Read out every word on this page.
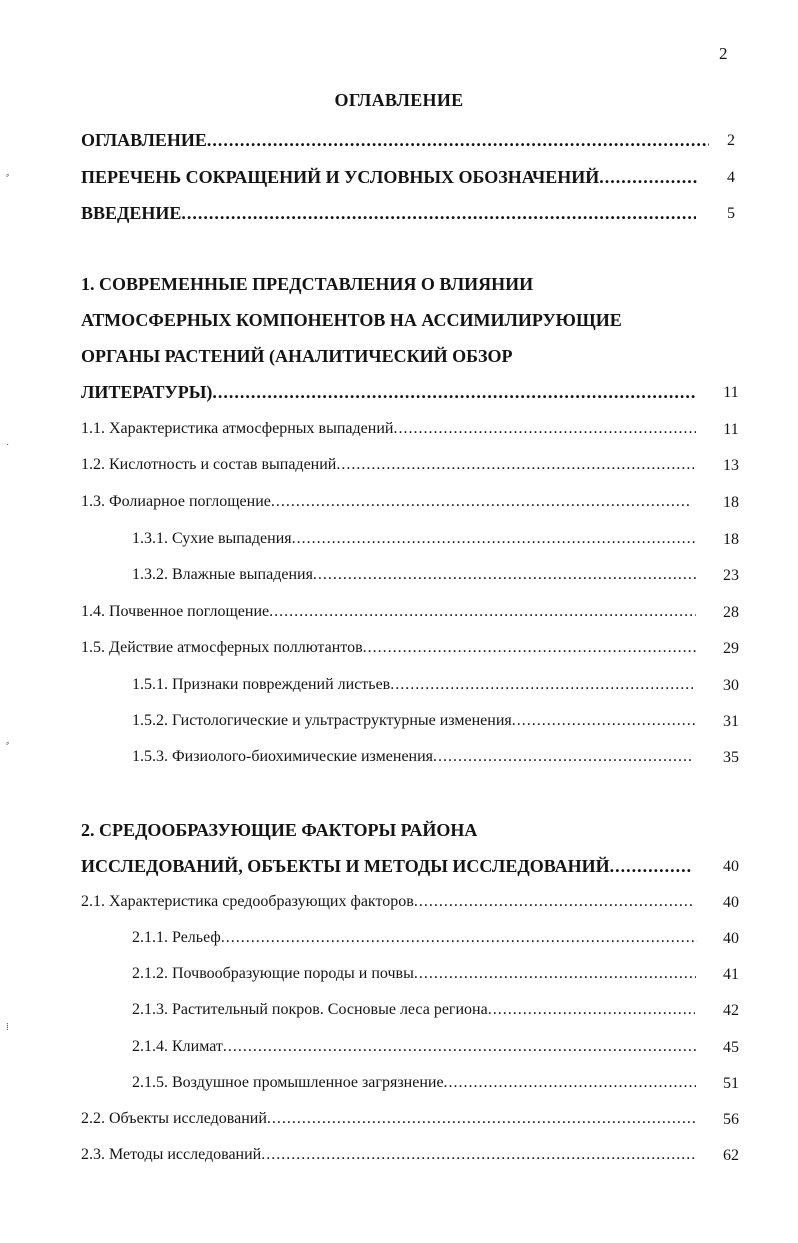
2
ОГЛАВЛЕНИЕ
ОГЛАВЛЕНИЕ .....	2
ПЕРЕЧЕНЬ СОКРАЩЕНИЙ И УСЛОВНЫХ ОБОЗНАЧЕНИЙ .....	4
ВВЕДЕНИЕ .....	5
1. СОВРЕМЕННЫЕ ПРЕДСТАВЛЕНИЯ О ВЛИЯНИИ
АТМОСФЕРНЫХ КОМПОНЕНТОВ НА АССИМИЛИРУЮЩИЕ
ОРГАНЫ РАСТЕНИЙ (АНАЛИТИЧЕСКИЙ ОБЗОР
ЛИТЕРАТУРЫ) .....	11
1.1. Характеристика атмосферных выпадений .....	11
1.2. Кислотность и состав выпадений .....	13
1.3. Фолиарное поглощение .....	18
1.3.1. Сухие выпадения .....	18
1.3.2. Влажные выпадения .....	23
1.4. Почвенное поглощение .....	28
1.5. Действие атмосферных поллютантов .....	29
1.5.1. Признаки повреждений листьев .....	30
1.5.2. Гистологические и ультраструктурные изменения .....	31
1.5.3. Физиолого-биохимические изменения .....	35
2. СРЕДООБРАЗУЮЩИЕ ФАКТОРЫ РАЙОНА
ИССЛЕДОВАНИЙ, ОБЪЕКТЫ И МЕТОДЫ ИССЛЕДОВАНИЙ .....	40
2.1. Характеристика средообразующих факторов .....	40
2.1.1. Рельеф .....	40
2.1.2. Почвообразующие породы и почвы .....	41
2.1.3. Растительный покров. Сосновые леса региона .....	42
2.1.4. Климат .....	45
2.1.5. Воздушное промышленное загрязнение .....	51
2.2. Объекты исследований .....	56
2.3. Методы исследований .....	62
⸗
·
⸗
⁞
